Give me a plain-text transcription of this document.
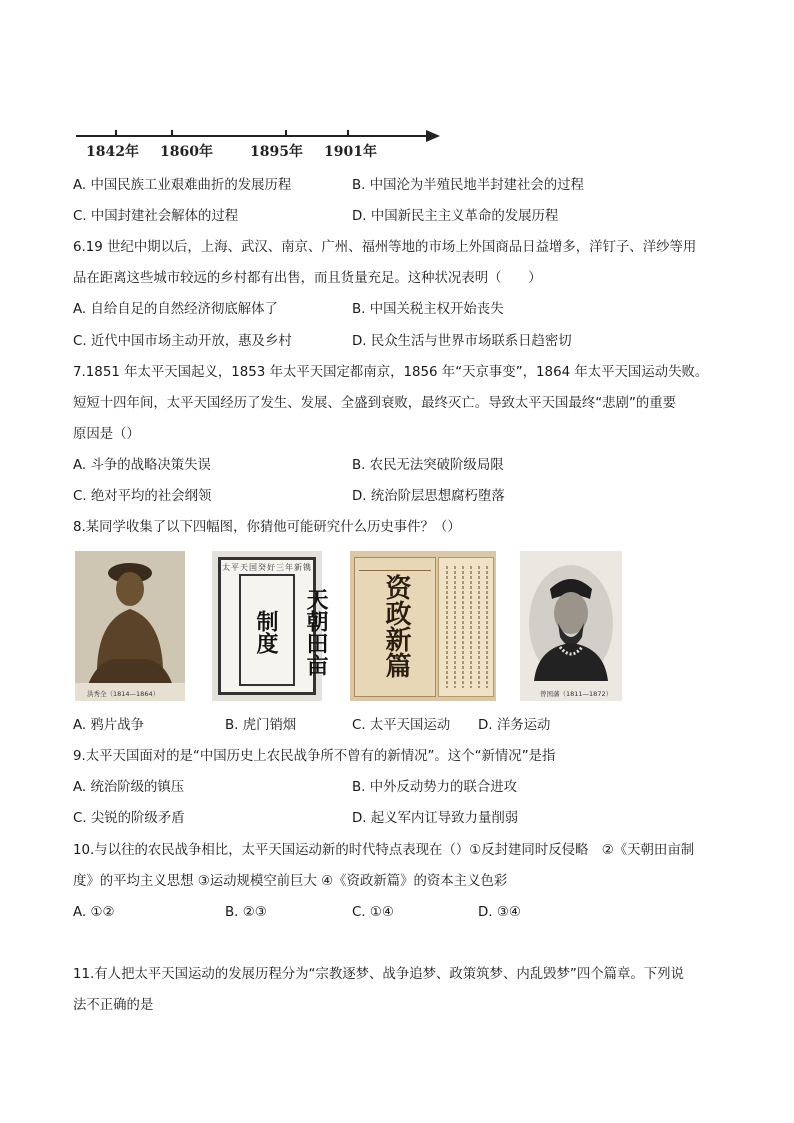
1842年 1860年	1895年 1901年
A. 中国民族工业艰难曲折的发展历程	B. 中国沦为半殖民地半封建社会的过程
C. 中国封建社会解体的过程	D. 中国新民主主义革命的发展历程
6.19 世纪中期以后，上海、武汉、南京、广州、福州等地的市场上外国商品日益增多，洋钉子、洋纱等用
品在距离这些城市较远的乡村都有出售，而且货量充足。这种状况表明（　　）
A. 自给自足的自然经济彻底解体了	B. 中国关税主权开始丧失
C. 近代中国市场主动开放，惠及乡村	D. 民众生活与世界市场联系日趋密切
7.1851 年太平天国起义，1853 年太平天国定都南京，1856 年“天京事变”，1864 年太平天国运动失败。
短短十四年间，太平天国经历了发生、发展、全盛到衰败，最终灭亡。导致太平天国最终“悲剧”的重要
原因是（）
A. 斗争的战略决策失误	B. 农民无法突破阶级局限
C. 绝对平均的社会纲领	D. 统治阶层思想腐朽堕落
8.某同学收集了以下四幅图，你猜他可能研究什么历史事件？（）
洪秀全（1814—1864）
太平天国癸好三年新镌
天朝田亩制度	资政新篇
曾国藩（1811—1872）
A. 鸦片战争	B. 虎门销烟	C. 太平天国运动 D. 洋务运动
9.太平天国面对的是“中国历史上农民战争所不曾有的新情况”。这个“新情况”是指
A. 统治阶级的镇压	B. 中外反动势力的联合进攻
C. 尖锐的阶级矛盾	D. 起义军内讧导致力量削弱
10.与以往的农民战争相比，太平天国运动新的时代特点表现在（）①反封建同时反侵略　②《天朝田亩制
度》的平均主义思想 ③运动规模空前巨大 ④《资政新篇》的资本主义色彩
A. ①②	B. ②③	C. ①④	D. ③④
11.有人把太平天国运动的发展历程分为“宗教逐梦、战争追梦、政策筑梦、内乱毁梦”四个篇章。下列说
法不正确的是
